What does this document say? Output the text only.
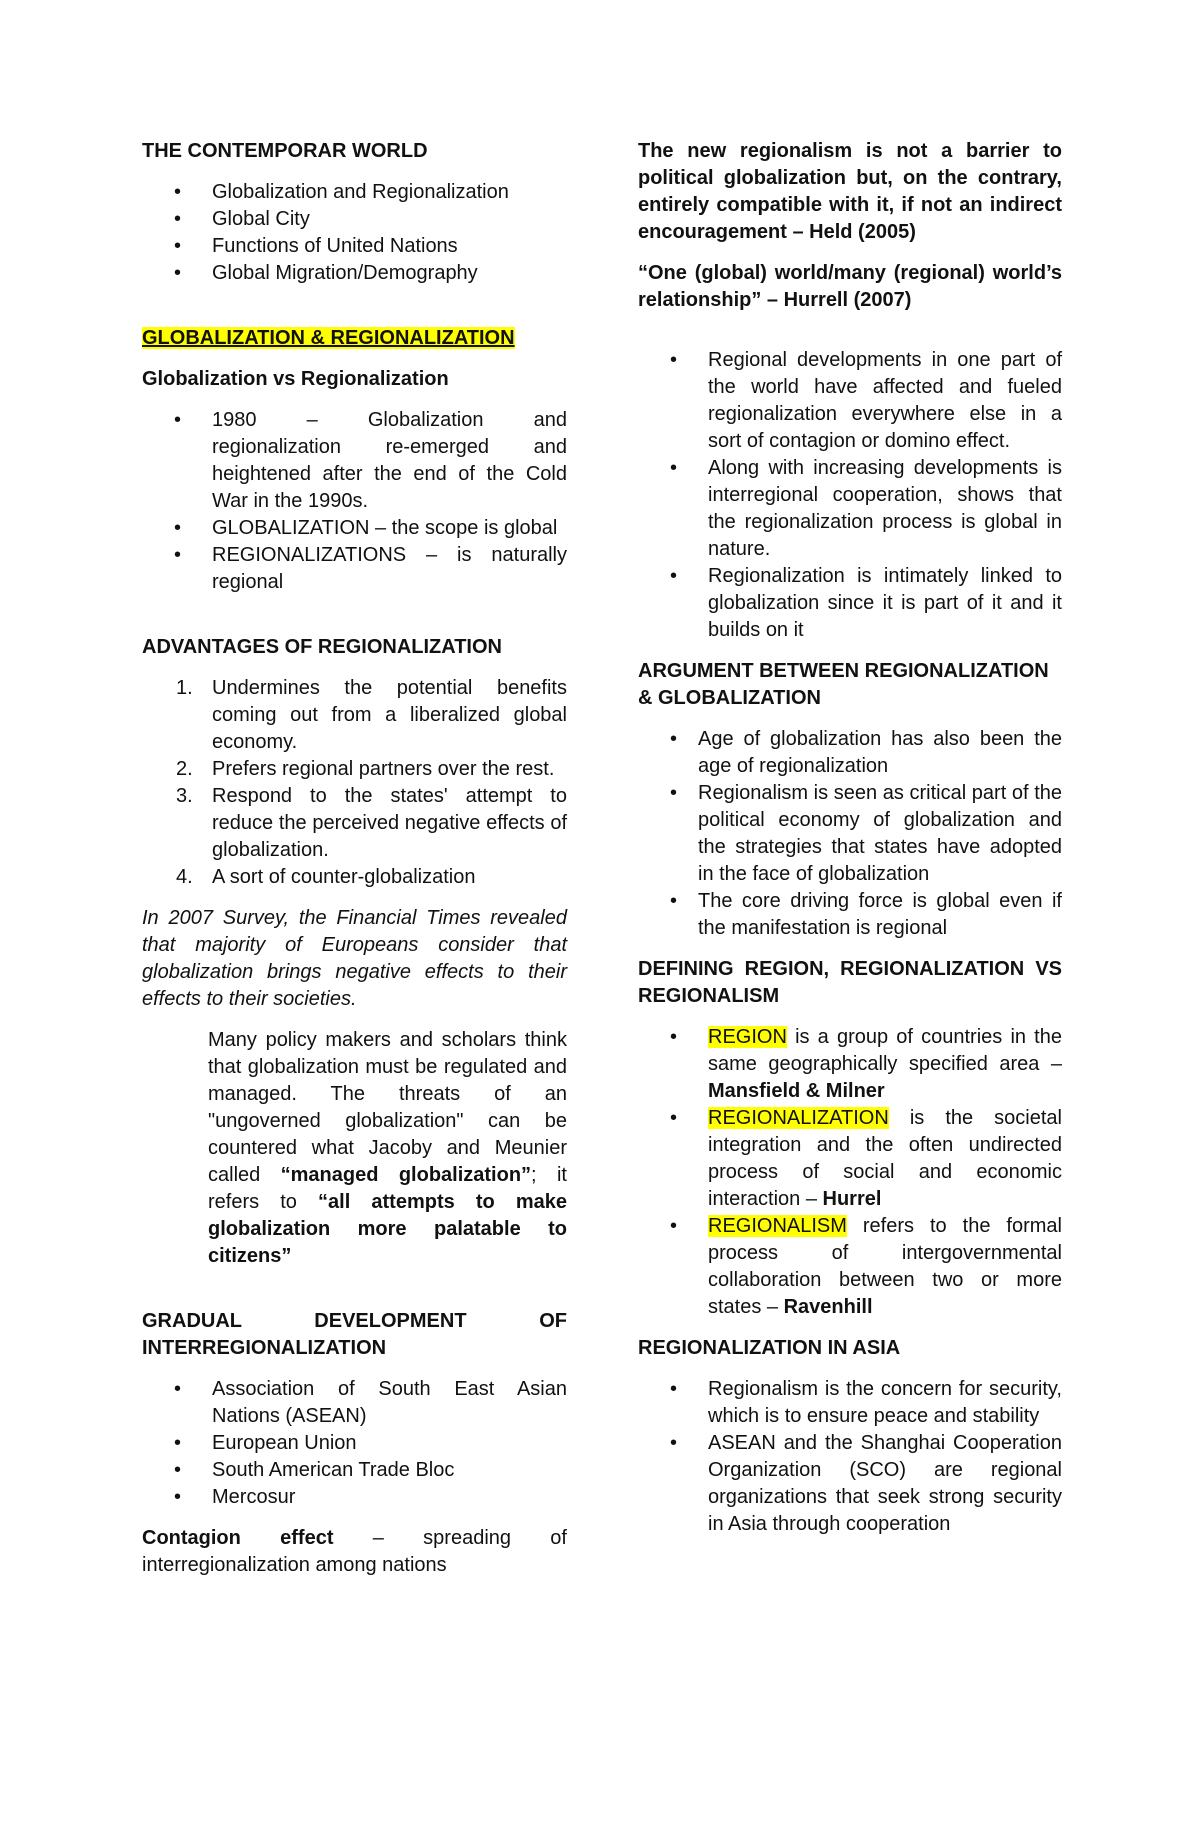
THE CONTEMPORAR WORLD
• Globalization and Regionalization
• Global City
• Functions of United Nations
• Global Migration/Demography
GLOBALIZATION & REGIONALIZATION
Globalization vs Regionalization
• 1980 – Globalization and regionalization re-emerged and heightened after the end of the Cold War in the 1990s.
• GLOBALIZATION – the scope is global
• REGIONALIZATIONS – is naturally regional
ADVANTAGES OF REGIONALIZATION
1. Undermines the potential benefits coming out from a liberalized global economy.
2. Prefers regional partners over the rest.
3. Respond to the states' attempt to reduce the perceived negative effects of globalization.
4. A sort of counter-globalization

In 2007 Survey, the Financial Times revealed that majority of Europeans consider that globalization brings negative effects to their effects to their societies.

Many policy makers and scholars think that globalization must be regulated and managed. The threats of an "ungoverned globalization" can be countered what Jacoby and Meunier called “managed globalization”; it refers to “all attempts to make globalization more palatable to citizens”

GRADUAL DEVELOPMENT OF INTERREGIONALIZATION
• Association of South East Asian Nations (ASEAN)
• European Union
• South American Trade Bloc
• Mercosur

Contagion effect – spreading of interregionalization among nations

The new regionalism is not a barrier to political globalization but, on the contrary, entirely compatible with it, if not an indirect encouragement – Held (2005)

“One (global) world/many (regional) world’s relationship” – Hurrell (2007)

• Regional developments in one part of the world have affected and fueled regionalization everywhere else in a sort of contagion or domino effect.
• Along with increasing developments is interregional cooperation, shows that the regionalization process is global in nature.
• Regionalization is intimately linked to globalization since it is part of it and it builds on it
ARGUMENT BETWEEN REGIONALIZATION & GLOBALIZATION
• Age of globalization has also been the age of regionalization
• Regionalism is seen as critical part of the political economy of globalization and the strategies that states have adopted in the face of globalization
• The core driving force is global even if the manifestation is regional
DEFINING REGION, REGIONALIZATION VS REGIONALISM
• REGION is a group of countries in the same geographically specified area – Mansfield & Milner
• REGIONALIZATION is the societal integration and the often undirected process of social and economic interaction – Hurrel
• REGIONALISM refers to the formal process of intergovernmental collaboration between two or more states – Ravenhill
REGIONALIZATION IN ASIA
• Regionalism is the concern for security, which is to ensure peace and stability
• ASEAN and the Shanghai Cooperation Organization (SCO) are regional organizations that seek strong security in Asia through cooperation
